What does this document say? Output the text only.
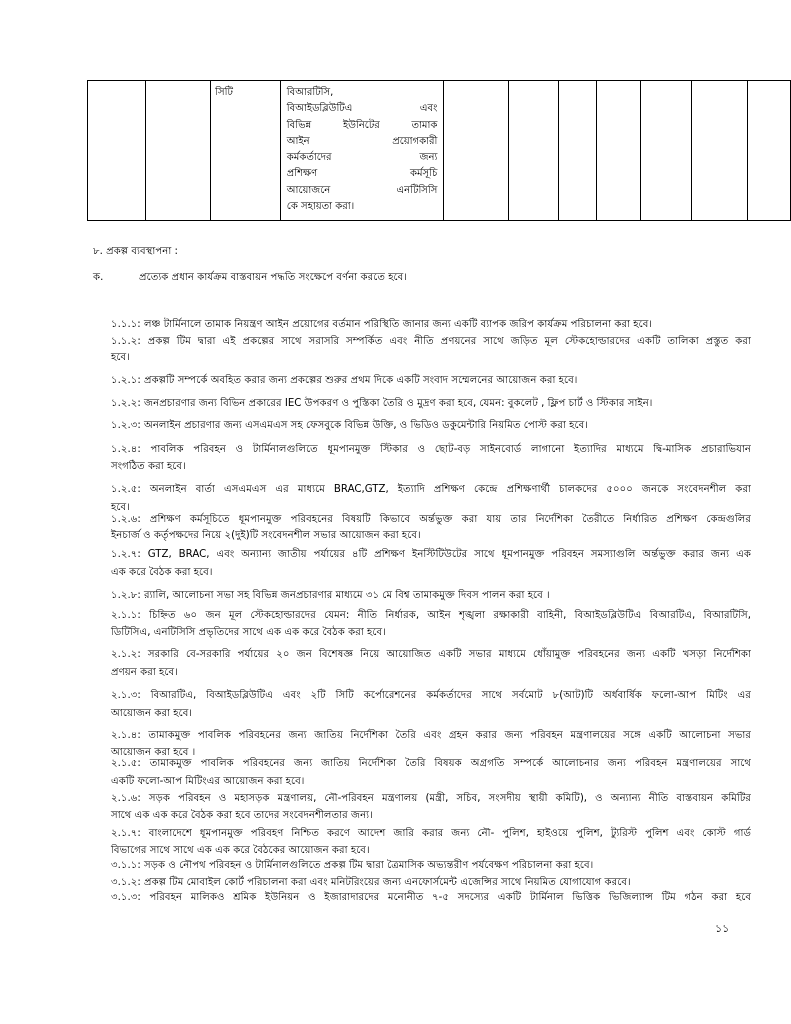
		সিটি	বিআরটিসি,
বিআইডব্লিউটিএ এবং
বিভিন্ন ইউনিটের তামাক
আইন প্রয়োগকারী
কর্মকর্তাদের জন্য
প্রশিক্ষণ কর্মসূচি
আয়োজনে এনটিসিসি
কে সহায়তা করা।

৮. প্রকল্প ব্যবস্থাপনা :
ক.	প্রত্যেক প্রধান কার্যক্রম বাস্তবায়ন পদ্ধতি সংক্ষেপে বর্ণনা করতে হবে।
১.১.১: লঞ্চ টার্মিনালে তামাক নিয়ন্ত্রণ আইন প্রয়োগের বর্তমান পরিস্থিতি জানার জন্য একটি ব্যাপক জরিপ কার্যক্রম পরিচালনা করা হবে।
১.১.২: প্রকল্প টিম দ্বারা এই প্রকল্পের সাথে সরাসরি সম্পর্কিত এবং নীতি প্রণয়নের সাথে জড়িত মূল স্টেকহোল্ডারদের একটি তালিকা প্রস্তুত করা
হবে।
১.২.১: প্রকল্পটি সম্পর্কে অবহিত করার জন্য প্রকল্পের শুরুর প্রথম দিকে একটি সংবাদ সম্মেলনের আয়োজন করা হবে।
১.২.২: জনপ্রচারণার জন্য বিভিন প্রকারের IEC উপকরণ ও পুস্তিকা তৈরি ও মুদ্রণ করা হবে, যেমন: বুকলেট , ফ্লিপ চার্ট ও স্টিকার সাইন।
১.২.৩: অনলাইন প্রচারণার জন্য এসএমএস সহ ফেসবুকে বিভিন্ন উক্তি, ও ভিডিও ডকুমেন্টারি নিয়মিত পোস্ট করা হবে।
১.২.৪: পাবলিক পরিবহন ও টার্মিনালগুলিতে ধূমপানমুক্ত স্টিকার ও ছোট-বড় সাইনবোর্ড লাগানো ইত্যাদির মাধ্যমে দ্বি-মাসিক প্রচারাভিযান
সংগঠিত করা হবে।
১.২.৫: অনলাইন বার্তা এসএমএস এর মাধ্যমে BRAC,GTZ, ইত্যাদি প্রশিক্ষণ কেন্দ্রে প্রশিক্ষণার্থী চালকদের ৫০০০ জনকে সংবেদনশীল করা
হবে।
১.২.৬: প্রশিক্ষণ কর্মসূচিতে ধূমপানমুক্ত পরিবহনের বিষয়টি কিভাবে অর্ন্তভুক্ত করা যায় তার নির্দেশিকা তৈরীতে নির্ধারিত প্রশিক্ষণ কেন্দ্রগুলির
ইনচার্জ ও কর্তৃপক্ষদের নিয়ে ২(দুই)টি সংবেদনশীল সভার আয়োজন করা হবে।
১.২.৭: GTZ, BRAC, এবং অন্যান্য জাতীয় পর্যায়ের ৪টি প্রশিক্ষণ ইনস্টিটিউটের সাথে ধূমপানমুক্ত পরিবহন সমস্যাগুলি অর্ন্তভুক্ত করার জন্য এক
এক করে বৈঠক করা হবে।
১.২.৮: র‌্যালি, আলোচনা সভা সহ বিভিন্ন জনপ্রচারণার মাধ্যমে ৩১ মে বিশ্ব তামাকমুক্ত দিবস পালন করা হবে ।
২.১.১: চিহ্নিত ৬০ জন মূল স্টেকহোল্ডারদের যেমন: নীতি নির্ধারক, আইন শৃঙ্খলা রক্ষাকারী বাহিনী, বিআইডব্লিউটিএ বিআরটিএ, বিআরটিসি,
ডিটিসিএ, এনটিসিসি প্রভৃতিদের সাথে এক এক করে বৈঠক করা হবে।
২.১.২: সরকারি বে-সরকারি পর্যায়ের ২০ জন বিশেষজ্ঞ নিয়ে আয়োজিত একটি সভার মাধ্যমে ধোঁয়ামুক্ত পরিবহনের জন্য একটি খসড়া নির্দেশিকা
প্রণয়ন করা হবে।
২.১.৩: বিআরটিএ, বিআইডব্লিউটিএ এবং ২টি সিটি কর্পোরেশনের কর্মকর্তাদের সাথে সর্বমোট ৮(আট)টি অর্ধবার্ষিক ফলো-আপ মিটিং এর
আয়োজন করা হবে।
২.১.৪: তামাকমুক্ত পাবলিক পরিবহনের জন্য জাতিয় নির্দেশিকা তৈরি এবং গ্রহন করার জন্য পরিবহন মন্ত্রণালয়ের সঙ্গে একটি আলোচনা সভার
আয়োজন করা হবে ।
২.১.৫: তামাকমুক্ত পাবলিক পরিবহনের জন্য জাতিয় নির্দেশিকা তৈরি বিষয়ক অগ্রগতি সম্পর্কে আলোচনার জন্য পরিবহন মন্ত্রণালয়ের সাথে
একটি ফলো-আপ মিটিংএর আয়োজন করা হবে।
২.১.৬: সড়ক পরিবহন ও মহাসড়ক মন্ত্রণালয়, নৌ-পরিবহন মন্ত্রণালয় (মন্ত্রী, সচিব, সংসদীয় স্থায়ী কমিটি), ও অন্যান্য নীতি বাস্তবায়ন কমিটির
সাথে এক এক করে বৈঠক করা হবে তাদের সংবেদনশীলতার জন্য।
২.১.৭: বাংলাদেশে ধূমপানমুক্ত পরিবহণ নিশ্চিত করণে আদেশ জারি করার জন্য নৌ- পুলিশ, হাইওয়ে পুলিশ, ট্যুরিস্ট পুলিশ এবং কোস্ট গার্ড
বিভাগের সাথে সাথে এক এক করে বৈঠকের আয়োজন করা হবে।
৩.১.১: সড়ক ও নৌপথ পরিবহন ও টার্মিনালগুলিতে প্রকল্প টিম দ্বারা ত্রৈমাসিক অভ্যন্তরীণ পর্যবেক্ষণ পরিচালনা করা হবে।
৩.১.২: প্রকল্প টিম মোবাইল কোর্ট পরিচালনা করা এবং মনিটরিংয়ের জন্য এনফোর্সমেন্ট এজেন্সির সাথে নিয়মিত যোগাযোগ করবে।
৩.১.৩: পরিবহন মালিকও শ্রমিক ইউনিয়ন ও ইজারাদারদের মনোনীত ৭-৫ সদস্যের একটি টার্মিনাল ভিত্তিক ভিজিল্যান্স টিম গঠন করা হবে
১১
